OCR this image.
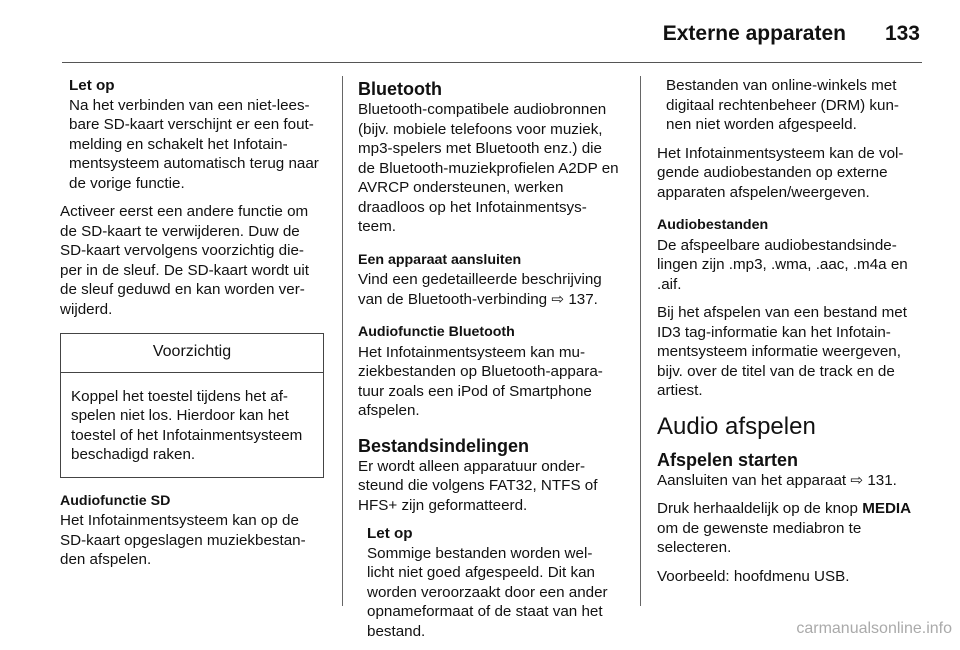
Externe apparaten 133
Let op
Na het verbinden van een niet-lees- bare SD-kaart verschijnt er een fout- melding en schakelt het Infotain- mentsysteem automatisch terug naar de vorige functie.

Activeer eerst een andere functie om de SD-kaart te verwijderen. Duw de SD-kaart vervolgens voorzichtig die- per in de sleuf. De SD-kaart wordt uit de sleuf geduwd en kan worden ver- wijderd.

Voorzichtig
Koppel het toestel tijdens het af- spelen niet los. Hierdoor kan het toestel of het Infotainmentsysteem beschadigd raken.
Audiofunctie SD

Het Infotainmentsysteem kan op de SD-kaart opgeslagen muziekbestan- den afspelen.

Bluetooth

Bluetooth-compatibele audiobronnen (bijv. mobiele telefoons voor muziek, mp3-spelers met Bluetooth enz.) die de Bluetooth-muziekprofielen A2DP en AVRCP ondersteunen, werken draadloos op het Infotainmentsys- teem.

Een apparaat aansluiten

Vind een gedetailleerde beschrijving van de Bluetooth-verbinding ⇨ 137.

Audiofunctie Bluetooth

Het Infotainmentsysteem kan mu- ziekbestanden op Bluetooth-appara- tuur zoals een iPod of Smartphone afspelen.

Bestandsindelingen

Er wordt alleen apparatuur onder- steund die volgens FAT32, NTFS of HFS+ zijn geformatteerd.

Let op
Sommige bestanden worden wel- licht niet goed afgespeeld. Dit kan worden veroorzaakt door een ander opnameformaat of de staat van het bestand.
Bestanden van online-winkels met digitaal rechtenbeheer (DRM) kun- nen niet worden afgespeeld.

Het Infotainmentsysteem kan de vol- gende audiobestanden op externe apparaten afspelen/weergeven.

Audiobestanden

De afspeelbare audiobestandsinde- lingen zijn .mp3, .wma, .aac, .m4a en .aif.

Bij het afspelen van een bestand met ID3 tag-informatie kan het Infotain- mentsysteem informatie weergeven, bijv. over de titel van de track en de artiest.

Audio afspelen
Afspelen starten

Aansluiten van het apparaat ⇨ 131.

Druk herhaaldelijk op de knop MEDIA om de gewenste mediabron te selecteren.

Voorbeeld: hoofdmenu USB.

carmanualsonline.info
